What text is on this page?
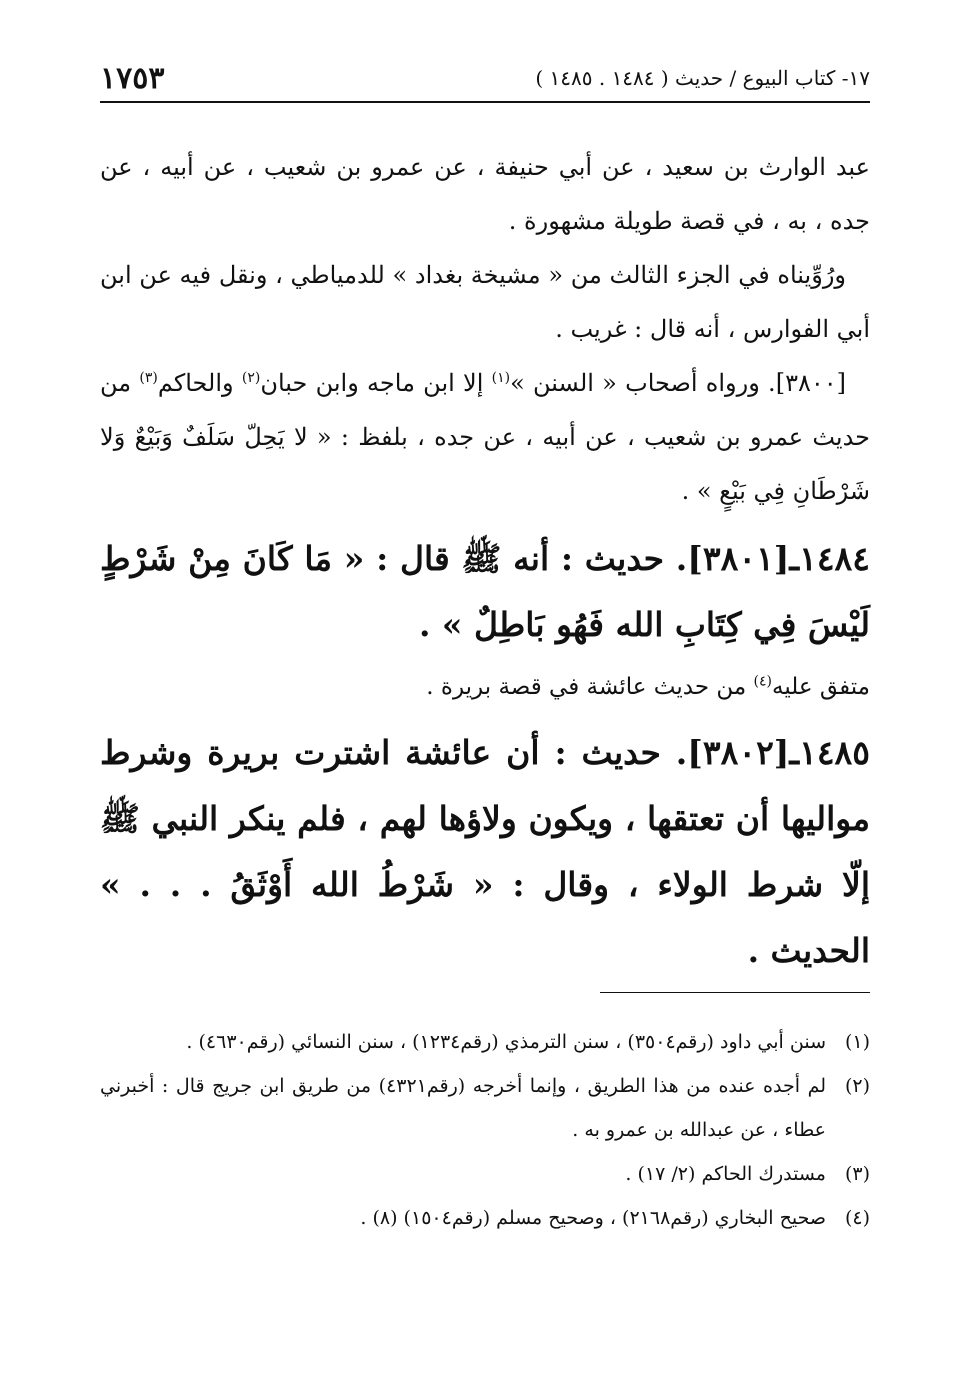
١٧- كتاب البيوع / حديث ( ١٤٨٤ . ١٤٨٥ )
١٧٥٣

عبد الوارث بن سعيد ، عن أبي حنيفة ، عن عمرو بن شعيب ، عن أبيه ، عن جده ، به ، في قصة طويلة مشهورة .

ورُوِّيناه في الجزء الثالث من « مشيخة بغداد » للدمياطي ، ونقل فيه عن ابن أبي الفوارس ، أنه قال : غريب .

[٣٨٠٠]. ورواه أصحاب « السنن »$^{(١)}$ إلا ابن ماجه وابن حبان$^{(٢)}$ والحاكم$^{(٣)}$ من حديث عمرو بن شعيب ، عن أبيه ، عن جده ، بلفظ : « لا يَحِلّ سَلَفٌ وَبَيْعٌ وَلا شَرْطَانِ فِي بَيْعٍ » .

١٤٨٤ـ[٣٨٠١]. حديث : أنه ﷺ قال : « مَا كَانَ مِنْ شَرْطٍ لَيْسَ فِي كِتَابِ الله فَهُو بَاطِلٌ » .

متفق عليه$^{(٤)}$ من حديث عائشة في قصة بريرة .

١٤٨٥ـ[٣٨٠٢]. حديث : أن عائشة اشترت بريرة وشرط مواليها أن تعتقها ، ويكون ولاؤها لهم ، فلم ينكر النبي ﷺ إلّا شرط الولاء ، وقال : « شَرْطُ الله أَوْثَقُ . . . » الحديث .

(١)
سنن أبي داود (رقم٣٥٠٤) ، سنن الترمذي (رقم١٢٣٤) ، سنن النسائي (رقم٤٦٣٠) .
(٢)
لم أجده عنده من هذا الطريق ، وإنما أخرجه (رقم٤٣٢١) من طريق ابن جريج قال : أخبرني عطاء ، عن عبدالله بن عمرو به .
(٣)
مستدرك الحاكم (٢/ ١٧) .
(٤)
صحيح البخاري (رقم٢١٦٨) ، وصحيح مسلم (رقم١٥٠٤) (٨) .
